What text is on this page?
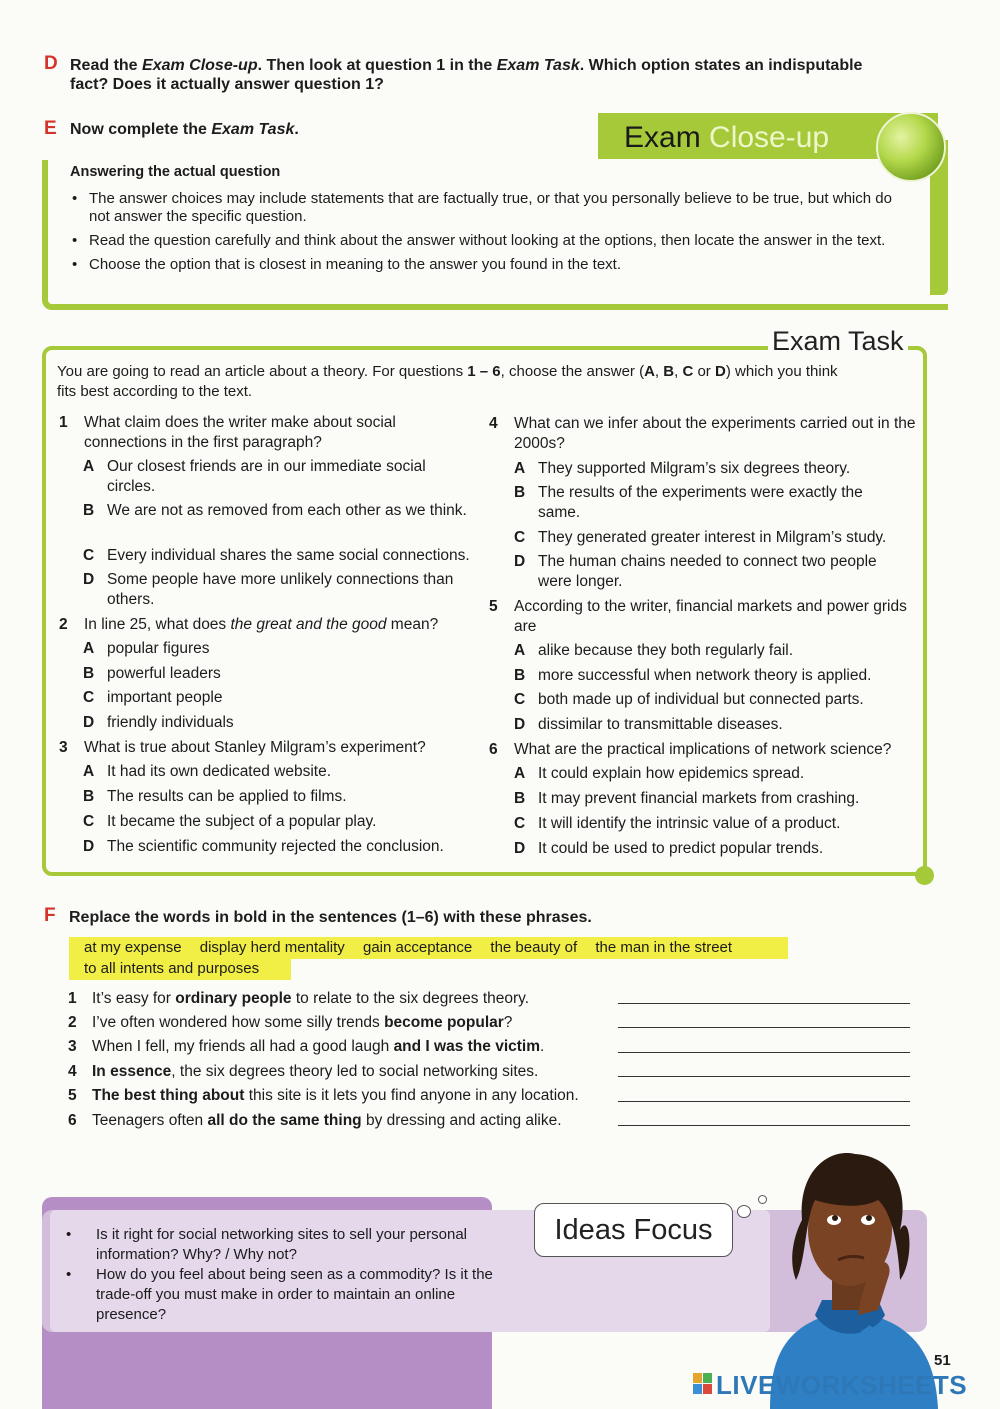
D Read the Exam Close-up. Then look at question 1 in the Exam Task. Which option states an indisputable
fact? Does it actually answer question 1?
E Now complete the Exam Task.	Exam Close-up
Answering the actual question
• The answer choices may include statements that are factually true, or that you personally believe to be true, but which do not answer the specific question.
• Read the question carefully and think about the answer without looking at the options, then locate the answer in the text.
• Choose the option that is closest in meaning to the answer you found in the text.
Exam Task
You are going to read an article about a theory. For questions 1 – 6, choose the answer (A, B, C or D) which you think
fits best according to the text.
1	What claim does the writer make about social connections in the first paragraph?
A Our closest friends are in our immediate social circles.
B We are not as removed from each other as we think.
C Every individual shares the same social connections.
D Some people have more unlikely connections than others.
2	In line 25, what does the great and the good mean?
A popular figures
B powerful leaders
C important people
D friendly individuals
3	What is true about Stanley Milgram’s experiment?
A It had its own dedicated website.
B The results can be applied to films.
C It became the subject of a popular play.
D The scientific community rejected the conclusion.
4	What can we infer about the experiments carried out in the 2000s?
A They supported Milgram’s six degrees theory.
B The results of the experiments were exactly the same.
C They generated greater interest in Milgram’s study.
D The human chains needed to connect two people were longer.
5	According to the writer, financial markets and power grids are
A alike because they both regularly fail.
B more successful when network theory is applied.
C both made up of individual but connected parts.
D dissimilar to transmittable diseases.
6	What are the practical implications of network science?
A It could explain how epidemics spread.
B It may prevent financial markets from crashing.
C It will identify the intrinsic value of a product.
D It could be used to predict popular trends.
F Replace the words in bold in the sentences (1–6) with these phrases.
at my expense display herd mentality gain acceptance the beauty of the man in the street
to all intents and purposes
1 It’s easy for ordinary people to relate to the six degrees theory.
2 I’ve often wondered how some silly trends become popular?
3 When I fell, my friends all had a good laugh and I was the victim.
4 In essence, the six degrees theory led to social networking sites.
5 The best thing about this site is it lets you find anyone in any location.
6 Teenagers often all do the same thing by dressing and acting alike.
• Is it right for social networking sites to sell your personal information? Why? / Why not?
• How do you feel about being seen as a commodity? Is it the trade-off you must make in order to maintain an online presence?
Ideas Focus
51
LIVEWORKSHEETS
